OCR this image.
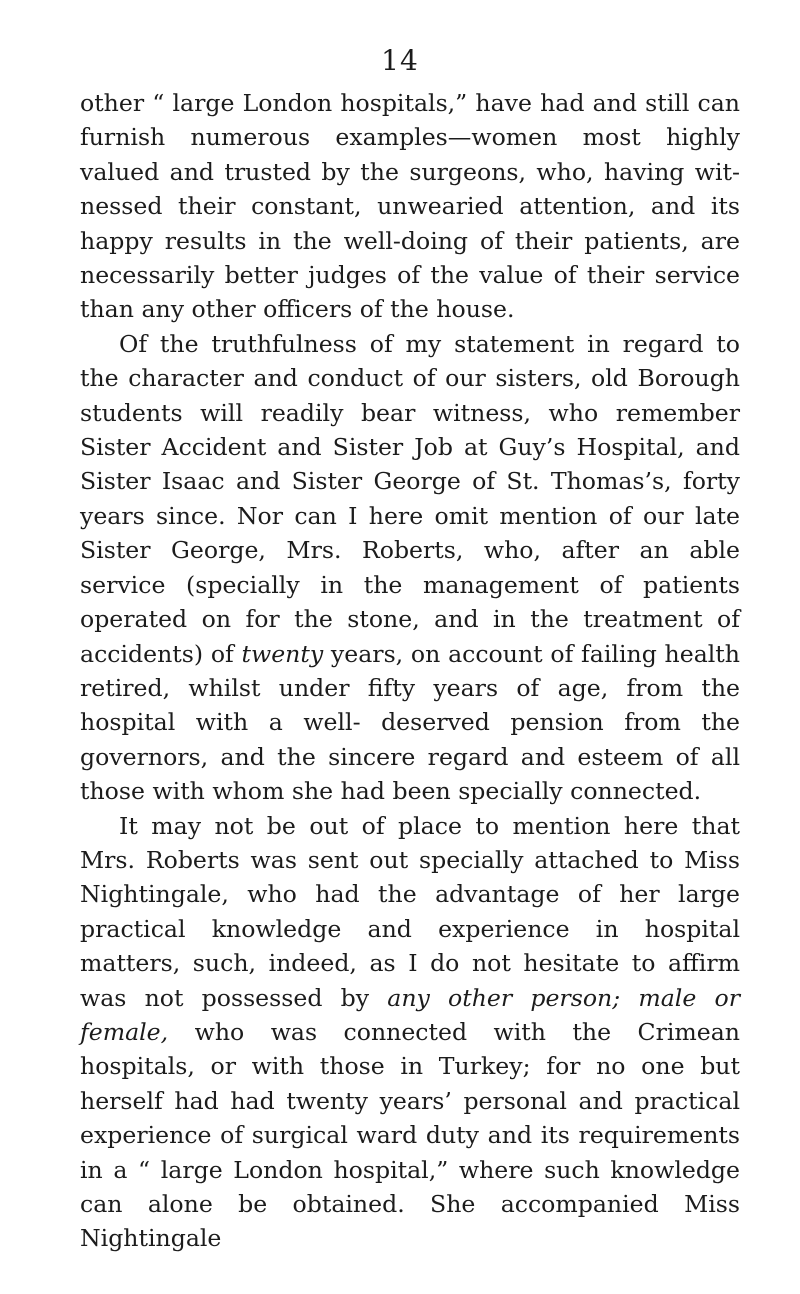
14

other “ large London hospitals,” have had and still can furnish numerous examples—women most highly valued and trusted by the surgeons, who, having wit- nessed their constant, unwearied attention, and its happy results in the well-doing of their patients, are necessarily better judges of the value of their service than any other officers of the house.

Of the truthfulness of my statement in regard to the character and conduct of our sisters, old Borough students will readily bear witness, who remember Sister Accident and Sister Job at Guy’s Hospital, and Sister Isaac and Sister George of St. Thomas’s, forty years since. Nor can I here omit mention of our late Sister George, Mrs. Roberts, who, after an able service (specially in the management of patients operated on for the stone, and in the treatment of accidents) of twenty years, on account of failing health retired, whilst under fifty years of age, from the hospital with a well- deserved pension from the governors, and the sincere regard and esteem of all those with whom she had been specially connected.

It may not be out of place to mention here that Mrs. Roberts was sent out specially attached to Miss Nightingale, who had the advantage of her large practical knowledge and experience in hospital matters, such, indeed, as I do not hesitate to affirm was not possessed by any other person; male or female, who was connected with the Crimean hospitals, or with those in Turkey; for no one but herself had had twenty years’ personal and practical experience of surgical ward duty and its requirements in a “ large London hospital,” where such knowledge can alone be obtained. She accompanied Miss Nightingale
